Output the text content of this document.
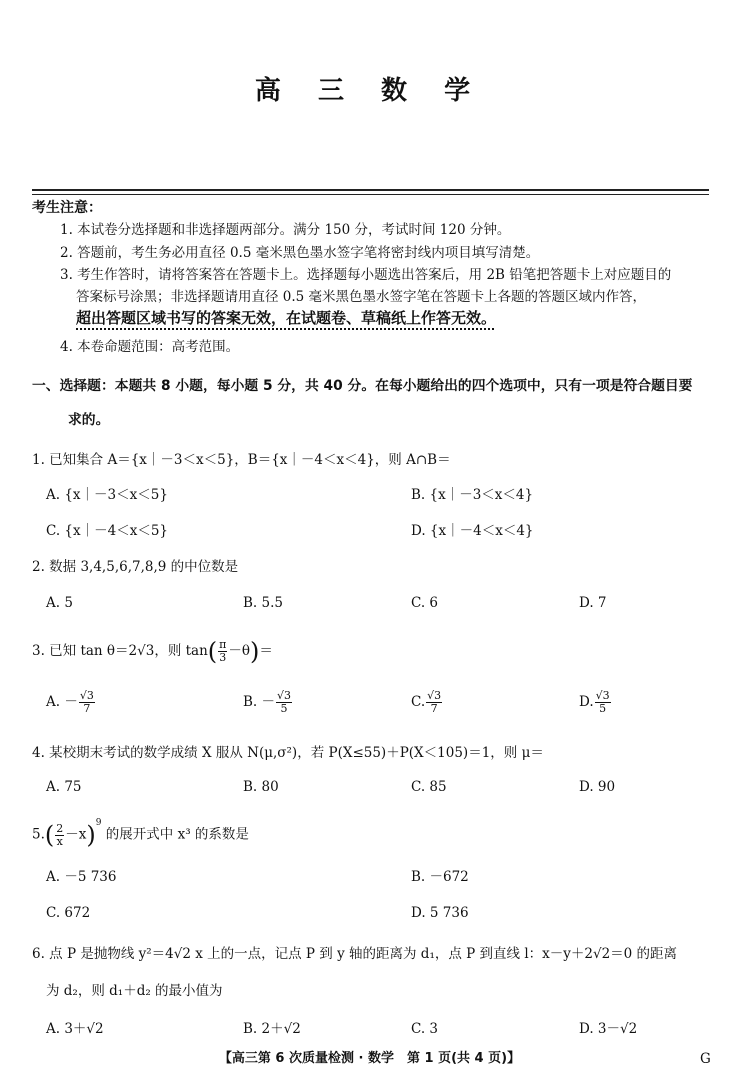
高 三 数 学
考生注意：
1. 本试卷分选择题和非选择题两部分。满分 150 分，考试时间 120 分钟。
2. 答题前，考生务必用直径 0.5 毫米黑色墨水签字笔将密封线内项目填写清楚。
3. 考生作答时，请将答案答在答题卡上。选择题每小题选出答案后，用 2B 铅笔把答题卡上对应题目的
答案标号涂黑；非选择题请用直径 0.5 毫米黑色墨水签字笔在答题卡上各题的答题区域内作答，
超出答题区域书写的答案无效，在试题卷、草稿纸上作答无效。
4. 本卷命题范围：高考范围。
一、选择题：本题共 8 小题，每小题 5 分，共 40 分。在每小题给出的四个选项中，只有一项是符合题目要
求的。
1. 已知集合 A＝{x｜－3＜x＜5}，B＝{x｜－4＜x＜4}，则 A∩B＝
A. {x｜－3＜x＜5}	B. {x｜－3＜x＜4}
C. {x｜－4＜x＜5}	D. {x｜－4＜x＜4}
2. 数据 3,4,5,6,7,8,9 的中位数是
A. 5	B. 5.5	C. 6	D. 7
3. 已知 tan θ＝2√3，则 $\tan( \frac{\pi}{3} -\theta)=$
A. － $\frac{√3}{7}$	B. － $\frac{√3}{5}$	C. $\frac{√3}{7}$	D. $\frac{√3}{5}$
4. 某校期末考试的数学成绩 X 服从 N(μ,σ²)，若 P(X≤55)＋P(X＜105)＝1，则 μ＝
A. 75	B. 80	C. 85	D. 90
$5.( \frac{2}{x} -x)^9$ 的展开式中 x³ 的系数是
A. －5 736	B. －672
C. 672	D. 5 736
6. 点 P 是抛物线 y²＝4√2 x 上的一点，记点 P 到 y 轴的距离为 d₁，点 P 到直线 l：x－y＋2√2＝0 的距离
为 d₂，则 d₁＋d₂ 的最小值为
A. 3＋√2	B. 2＋√2	C. 3	D. 3－√2
【高三第 6 次质量检测 · 数学　第 1 页(共 4 页)】	G
